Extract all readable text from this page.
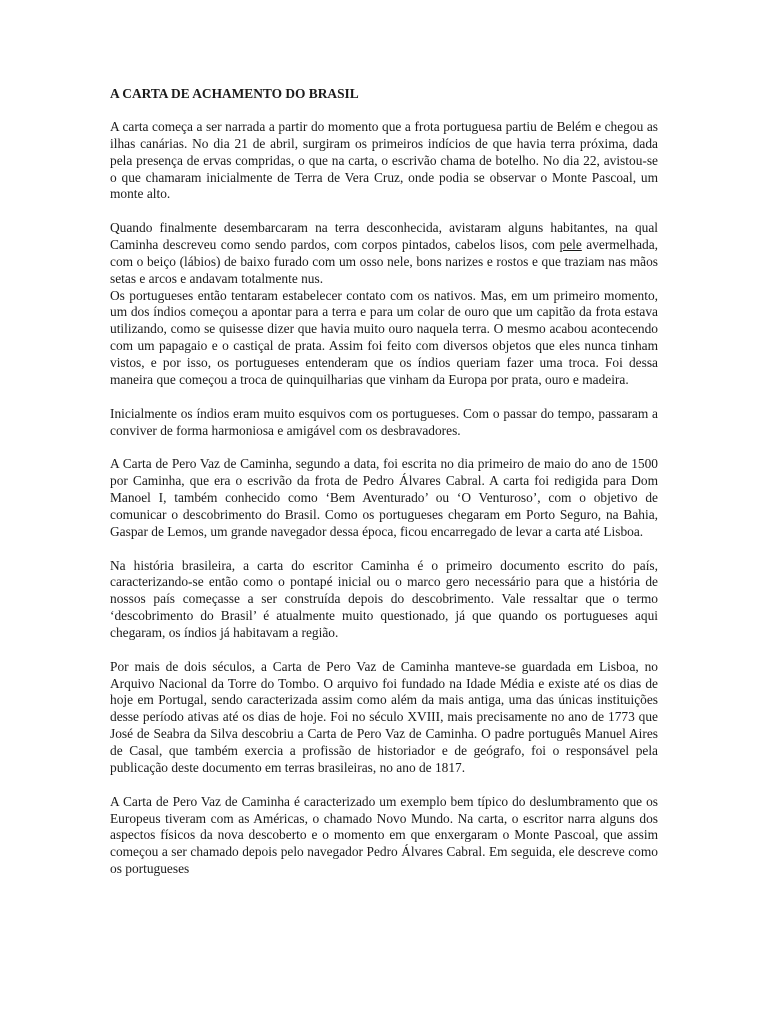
A CARTA DE ACHAMENTO DO BRASIL

A carta começa a ser narrada a partir do momento que a frota portuguesa partiu de Belém e chegou as ilhas canárias. No dia 21 de abril, surgiram os primeiros indícios de que havia terra próxima, dada pela presença de ervas compridas, o que na carta, o escrivão chama de botelho. No dia 22, avistou-se o que chamaram inicialmente de Terra de Vera Cruz, onde podia se observar o Monte Pascoal, um monte alto.

Quando finalmente desembarcaram na terra desconhecida, avistaram alguns habitantes, na qual Caminha descreveu como sendo pardos, com corpos pintados, cabelos lisos, com pele avermelhada, com o beiço (lábios) de baixo furado com um osso nele, bons narizes e rostos e que traziam nas mãos setas e arcos e andavam totalmente nus.

Os portugueses então tentaram estabelecer contato com os nativos. Mas, em um primeiro momento, um dos índios começou a apontar para a terra e para um colar de ouro que um capitão da frota estava utilizando, como se quisesse dizer que havia muito ouro naquela terra. O mesmo acabou acontecendo com um papagaio e o castiçal de prata. Assim foi feito com diversos objetos que eles nunca tinham vistos, e por isso, os portugueses entenderam que os índios queriam fazer uma troca. Foi dessa maneira que começou a troca de quinquilharias que vinham da Europa por prata, ouro e madeira.

Inicialmente os índios eram muito esquivos com os portugueses. Com o passar do tempo, passaram a conviver de forma harmoniosa e amigável com os desbravadores.

A Carta de Pero Vaz de Caminha, segundo a data, foi escrita no dia primeiro de maio do ano de 1500 por Caminha, que era o escrivão da frota de Pedro Álvares Cabral. A carta foi redigida para Dom Manoel I, também conhecido como ‘Bem Aventurado’ ou ‘O Venturoso’, com o objetivo de comunicar o descobrimento do Brasil. Como os portugueses chegaram em Porto Seguro, na Bahia, Gaspar de Lemos, um grande navegador dessa época, ficou encarregado de levar a carta até Lisboa.

Na história brasileira, a carta do escritor Caminha é o primeiro documento escrito do país, caracterizando-se então como o pontapé inicial ou o marco gero necessário para que a história de nossos país começasse a ser construída depois do descobrimento. Vale ressaltar que o termo ‘descobrimento do Brasil’ é atualmente muito questionado, já que quando os portugueses aqui chegaram, os índios já habitavam a região.

Por mais de dois séculos, a Carta de Pero Vaz de Caminha manteve-se guardada em Lisboa, no Arquivo Nacional da Torre do Tombo. O arquivo foi fundado na Idade Média e existe até os dias de hoje em Portugal, sendo caracterizada assim como além da mais antiga, uma das únicas instituições desse período ativas até os dias de hoje. Foi no século XVIII, mais precisamente no ano de 1773 que José de Seabra da Silva descobriu a Carta de Pero Vaz de Caminha. O padre português Manuel Aires de Casal, que também exercia a profissão de historiador e de geógrafo, foi o responsável pela publicação deste documento em terras brasileiras, no ano de 1817.

A Carta de Pero Vaz de Caminha é caracterizado um exemplo bem típico do deslumbramento que os Europeus tiveram com as Américas, o chamado Novo Mundo. Na carta, o escritor narra alguns dos aspectos físicos da nova descoberto e o momento em que enxergaram o Monte Pascoal, que assim começou a ser chamado depois pelo navegador Pedro Álvares Cabral. Em seguida, ele descreve como os portugueses
